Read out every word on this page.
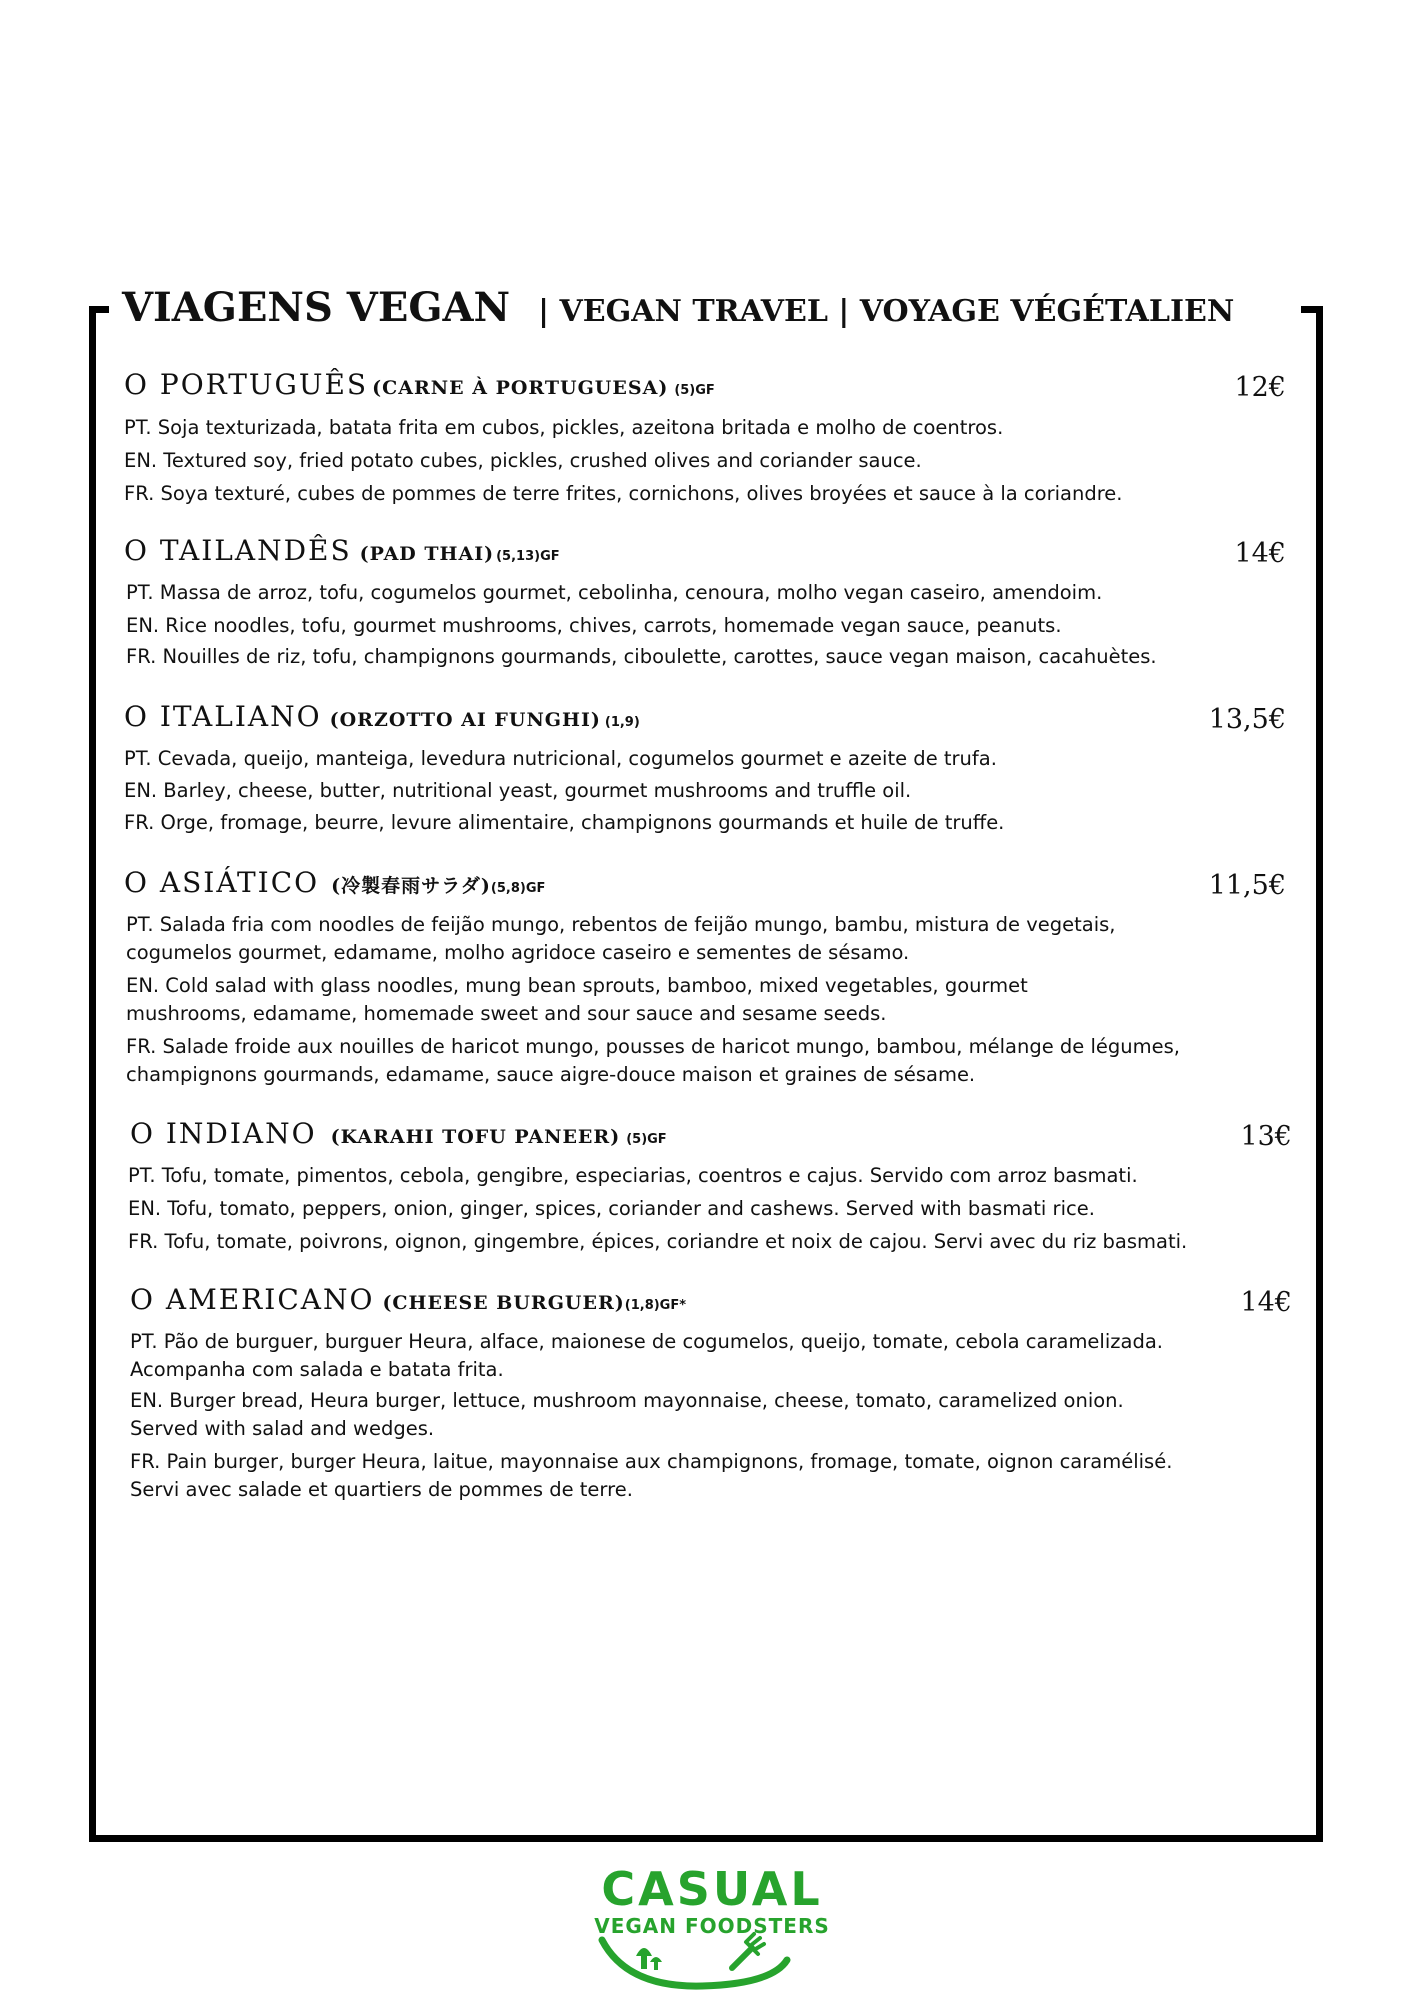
VIAGENS VEGAN | VEGAN TRAVEL | VOYAGE VÉGÉTALIEN
O PORTUGUÊS (CARNE À PORTUGUESA) (5)GF	12€

PT. Soja texturizada, batata frita em cubos, pickles, azeitona britada e molho de coentros.

EN. Textured soy, fried potato cubes, pickles, crushed olives and coriander sauce.

FR. Soya texturé, cubes de pommes de terre frites, cornichons, olives broyées et sauce à la coriandre.

O TAILANDÊS (PAD THAI) (5,13)GF	14€

PT. Massa de arroz, tofu, cogumelos gourmet, cebolinha, cenoura, molho vegan caseiro, amendoim.

EN. Rice noodles, tofu, gourmet mushrooms, chives, carrots, homemade vegan sauce, peanuts.

FR. Nouilles de riz, tofu, champignons gourmands, ciboulette, carottes, sauce vegan maison, cacahuètes.

O ITALIANO (ORZOTTO AI FUNGHI) (1,9)	13,5€

PT. Cevada, queijo, manteiga, levedura nutricional, cogumelos gourmet e azeite de trufa.

EN. Barley, cheese, butter, nutritional yeast, gourmet mushrooms and truffle oil.

FR. Orge, fromage, beurre, levure alimentaire, champignons gourmands et huile de truffe.

O ASIÁTICO (冷製春雨サラダ) (5,8)GF	11,5€

PT. Salada fria com noodles de feijão mungo, rebentos de feijão mungo, bambu, mistura de vegetais,

cogumelos gourmet, edamame, molho agridoce caseiro e sementes de sésamo.

EN. Cold salad with glass noodles, mung bean sprouts, bamboo, mixed vegetables, gourmet

mushrooms, edamame, homemade sweet and sour sauce and sesame seeds.

FR. Salade froide aux nouilles de haricot mungo, pousses de haricot mungo, bambou, mélange de légumes,

champignons gourmands, edamame, sauce aigre-douce maison et graines de sésame.

O INDIANO (KARAHI TOFU PANEER) (5)GF	13€

PT. Tofu, tomate, pimentos, cebola, gengibre, especiarias, coentros e cajus. Servido com arroz basmati.

EN. Tofu, tomato, peppers, onion, ginger, spices, coriander and cashews. Served with basmati rice.

FR. Tofu, tomate, poivrons, oignon, gingembre, épices, coriandre et noix de cajou. Servi avec du riz basmati.

O AMERICANO (CHEESE BURGUER) (1,8)GF*	14€

PT. Pão de burguer, burguer Heura, alface, maionese de cogumelos, queijo, tomate, cebola caramelizada.

Acompanha com salada e batata frita.

EN. Burger bread, Heura burger, lettuce, mushroom mayonnaise, cheese, tomato, caramelized onion.

Served with salad and wedges.

FR. Pain burger, burger Heura, laitue, mayonnaise aux champignons, fromage, tomate, oignon caramélisé.

Servi avec salade et quartiers de pommes de terre.

CASUAL
VEGAN FOODSTERS
